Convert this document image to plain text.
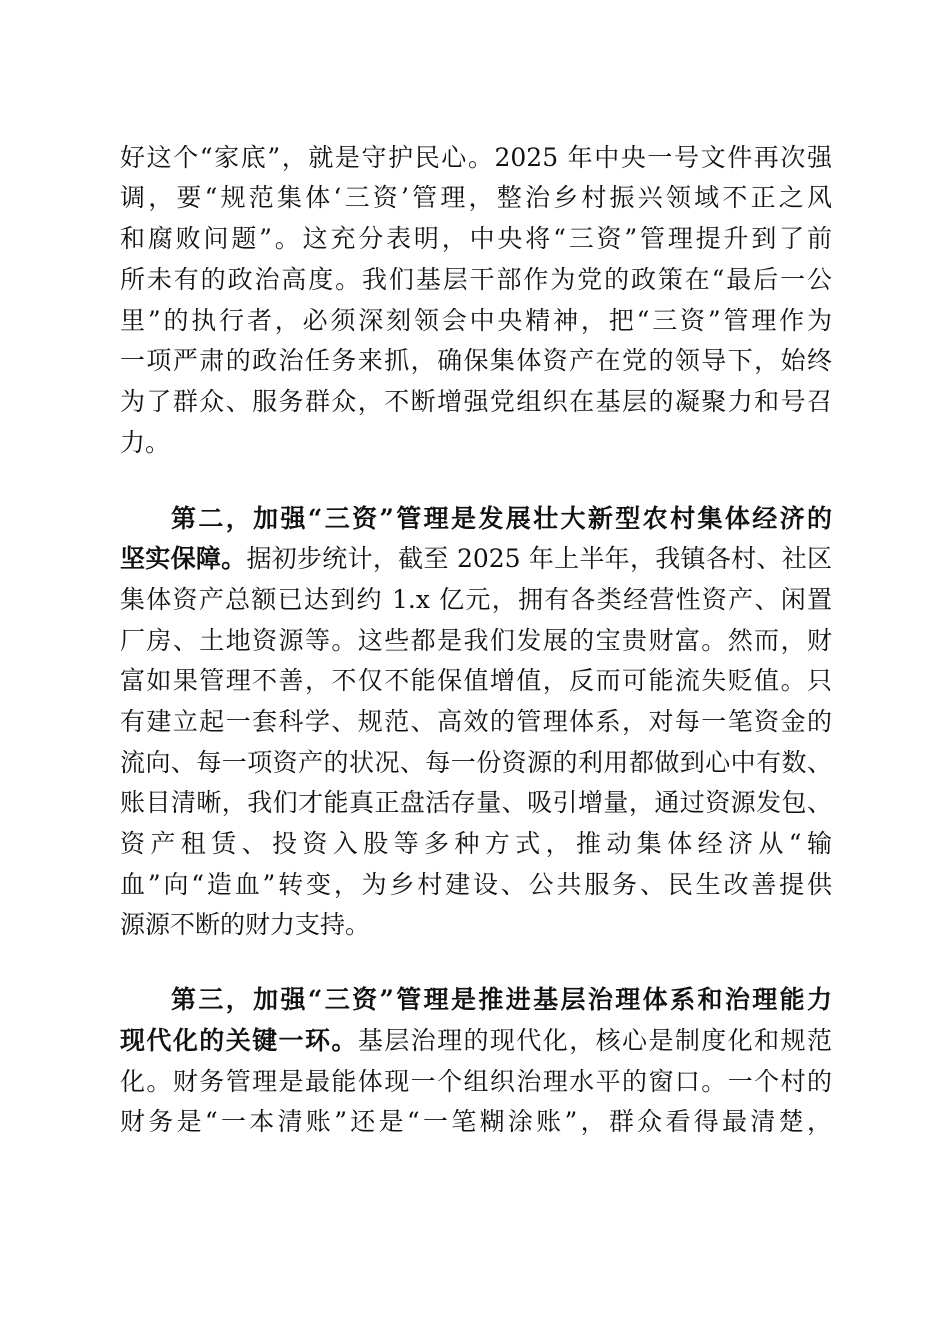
好这个“家底”，就是守护民心。2025 年中央一号文件再次强
调，要“规范集体‘三资’管理，整治乡村振兴领域不正之风
和腐败问题”。这充分表明，中央将“三资”管理提升到了前
所未有的政治高度。我们基层干部作为党的政策在“最后一公
里”的执行者，必须深刻领会中央精神，把“三资”管理作为
一项严肃的政治任务来抓，确保集体资产在党的领导下，始终
为了群众、服务群众，不断增强党组织在基层的凝聚力和号召
力。
第二，加强“三资”管理是发展壮大新型农村集体经济的
坚实保障。据初步统计，截至 2025 年上半年，我镇各村、社区
集体资产总额已达到约 1.x 亿元，拥有各类经营性资产、闲置
厂房、土地资源等。这些都是我们发展的宝贵财富。然而，财
富如果管理不善，不仅不能保值增值，反而可能流失贬值。只
有建立起一套科学、规范、高效的管理体系，对每一笔资金的
流向、每一项资产的状况、每一份资源的利用都做到心中有数、
账目清晰，我们才能真正盘活存量、吸引增量，通过资源发包、
资产租赁、投资入股等多种方式，推动集体经济从“输
血”向“造血”转变，为乡村建设、公共服务、民生改善提供
源源不断的财力支持。
第三，加强“三资”管理是推进基层治理体系和治理能力
现代化的关键一环。基层治理的现代化，核心是制度化和规范
化。财务管理是最能体现一个组织治理水平的窗口。一个村的
财务是“一本清账”还是“一笔糊涂账”，群众看得最清楚，
